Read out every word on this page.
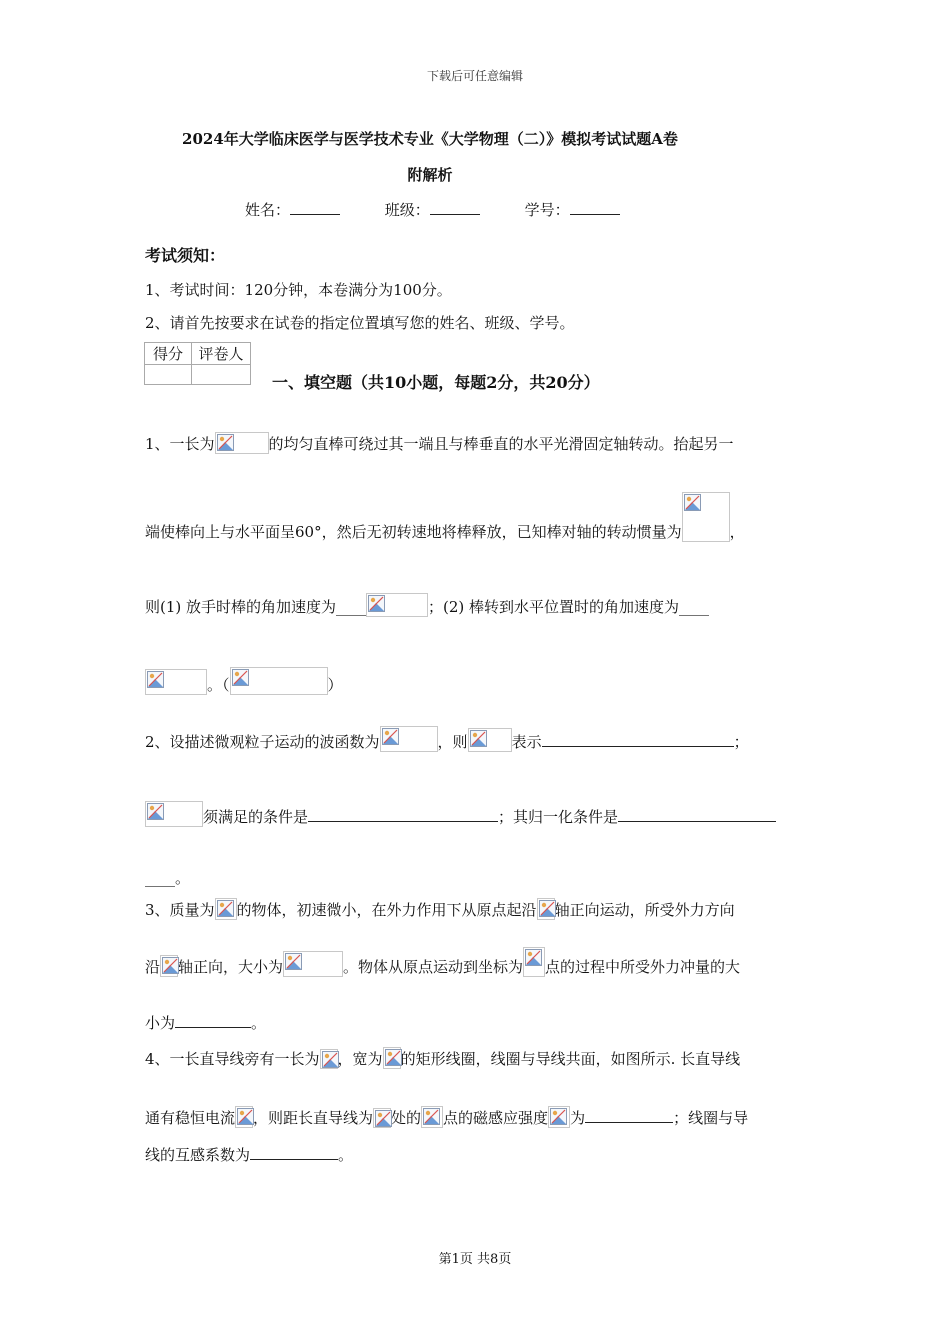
下载后可任意编辑
2024年大学临床医学与医学技术专业《大学物理（二）》模拟考试试题A卷
附解析
姓名：	班级：	学号：
考试须知：
1、考试时间：120分钟，本卷满分为100分。
2、请首先按要求在试卷的指定位置填写您的姓名、班级、学号。
得分	评卷人

一、填空题（共10小题，每题2分，共20分）
1、一长为	的均匀直棒可绕过其一端且与棒垂直的水平光滑固定轴转动。抬起另一
端使棒向上与水平面呈60°，然后无初转速地将棒释放，已知棒对轴的转动惯量为	，
则(1) 放手时棒的角加速度为____	；(2) 棒转到水平位置时的角加速度为____
。（	）
2、设描述微观粒子运动的波函数为	，则	表示	；
须满足的条件是	；其归一化条件是
____。
3、质量为 的物体，初速微小，在外力作用下从原点起沿 轴正向运动，所受外力方向
沿 轴正向，大小为	。物体从原点运动到坐标为 点的过程中所受外力冲量的大
小为	。
4、一长直导线旁有一长为 ，宽为 的矩形线圈，线圈与导线共面，如图所示. 长直导线
通有稳恒电流 ，则距长直导线为 处的 点的磁感应强度 为	；线圈与导
线的互感系数为	。
第1页 共8页
